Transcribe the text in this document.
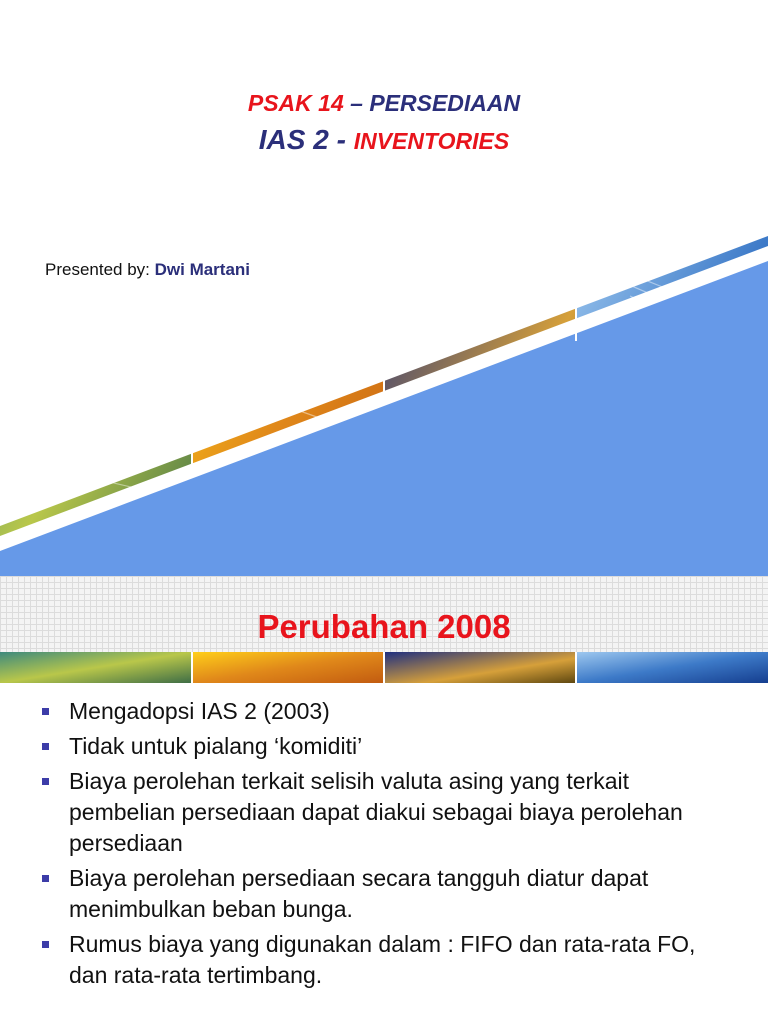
PSAK 14 – PERSEDIAAN
IAS 2 - INVENTORIES
Presented by: Dwi Martani
Perubahan 2008
Mengadopsi IAS 2 (2003)
Tidak untuk pialang ‘komiditi’
Biaya perolehan terkait selisih valuta asing yang terkait pembelian persediaan dapat diakui sebagai biaya perolehan persediaan
Biaya perolehan persediaan secara tangguh diatur dapat menimbulkan beban bunga.
Rumus biaya yang digunakan dalam : FIFO dan rata-rata FO, dan rata-rata tertimbang.
